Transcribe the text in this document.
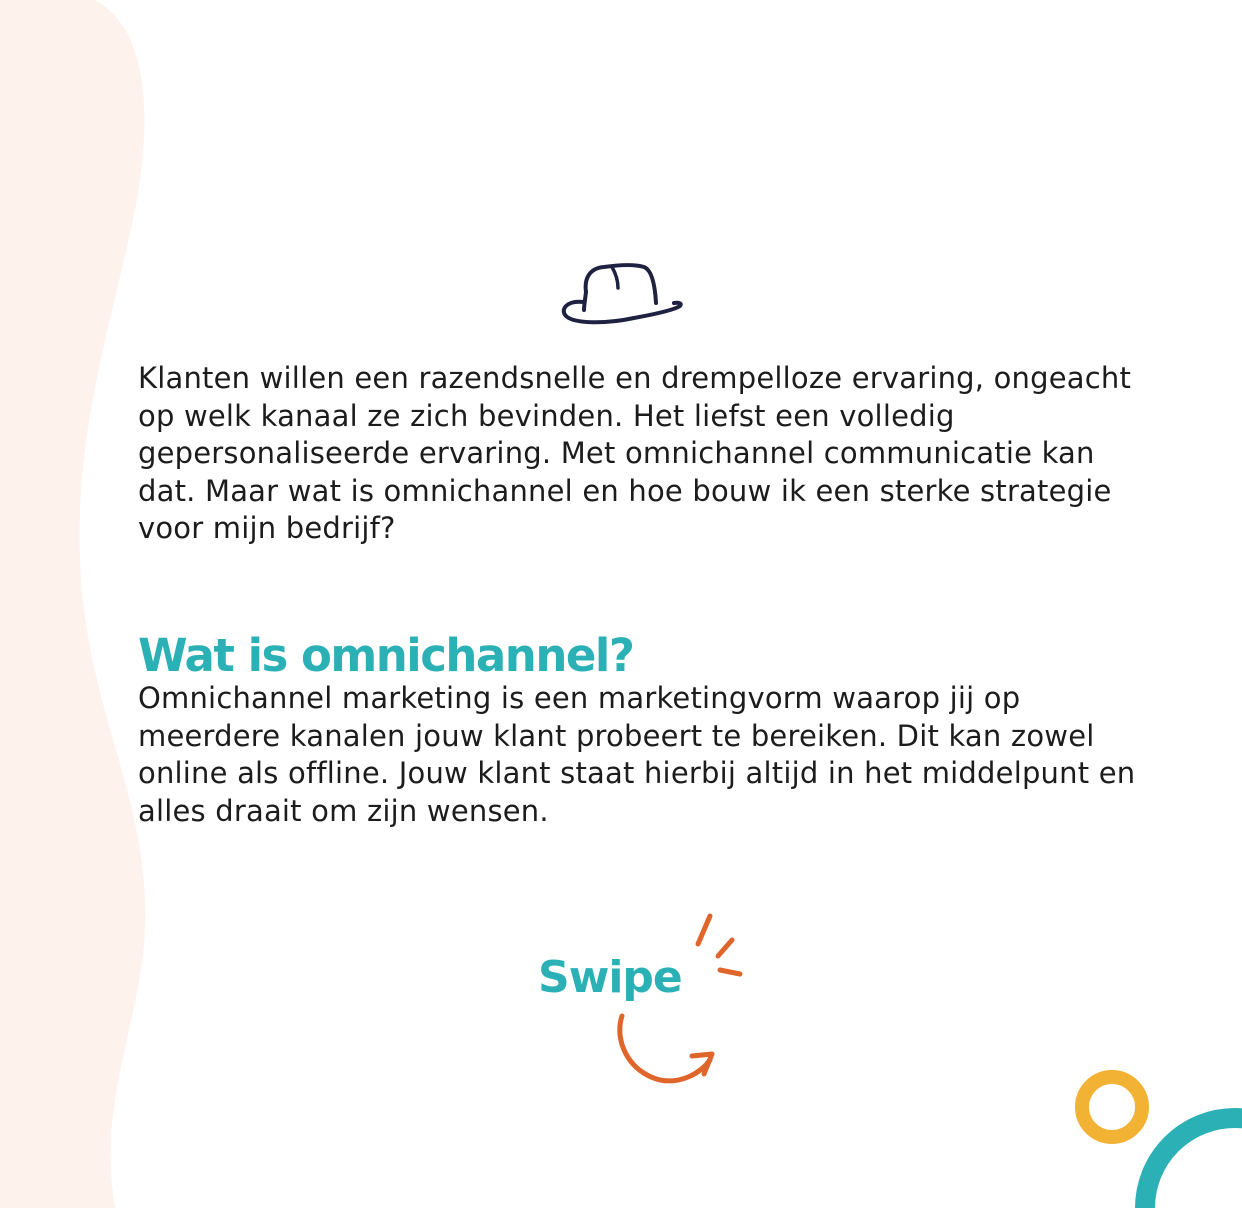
Klanten willen een razendsnelle en drempelloze ervaring, ongeacht op welk kanaal ze zich bevinden. Het liefst een volledig gepersonaliseerde ervaring. Met omnichannel communicatie kan dat. Maar wat is omnichannel en hoe bouw ik een sterke strategie voor mijn bedrijf?

Wat is omnichannel?

Omnichannel marketing is een marketingvorm waarop jij op meerdere kanalen jouw klant probeert te bereiken. Dit kan zowel online als offline. Jouw klant staat hierbij altijd in het middelpunt en alles draait om zijn wensen.

Swipe
